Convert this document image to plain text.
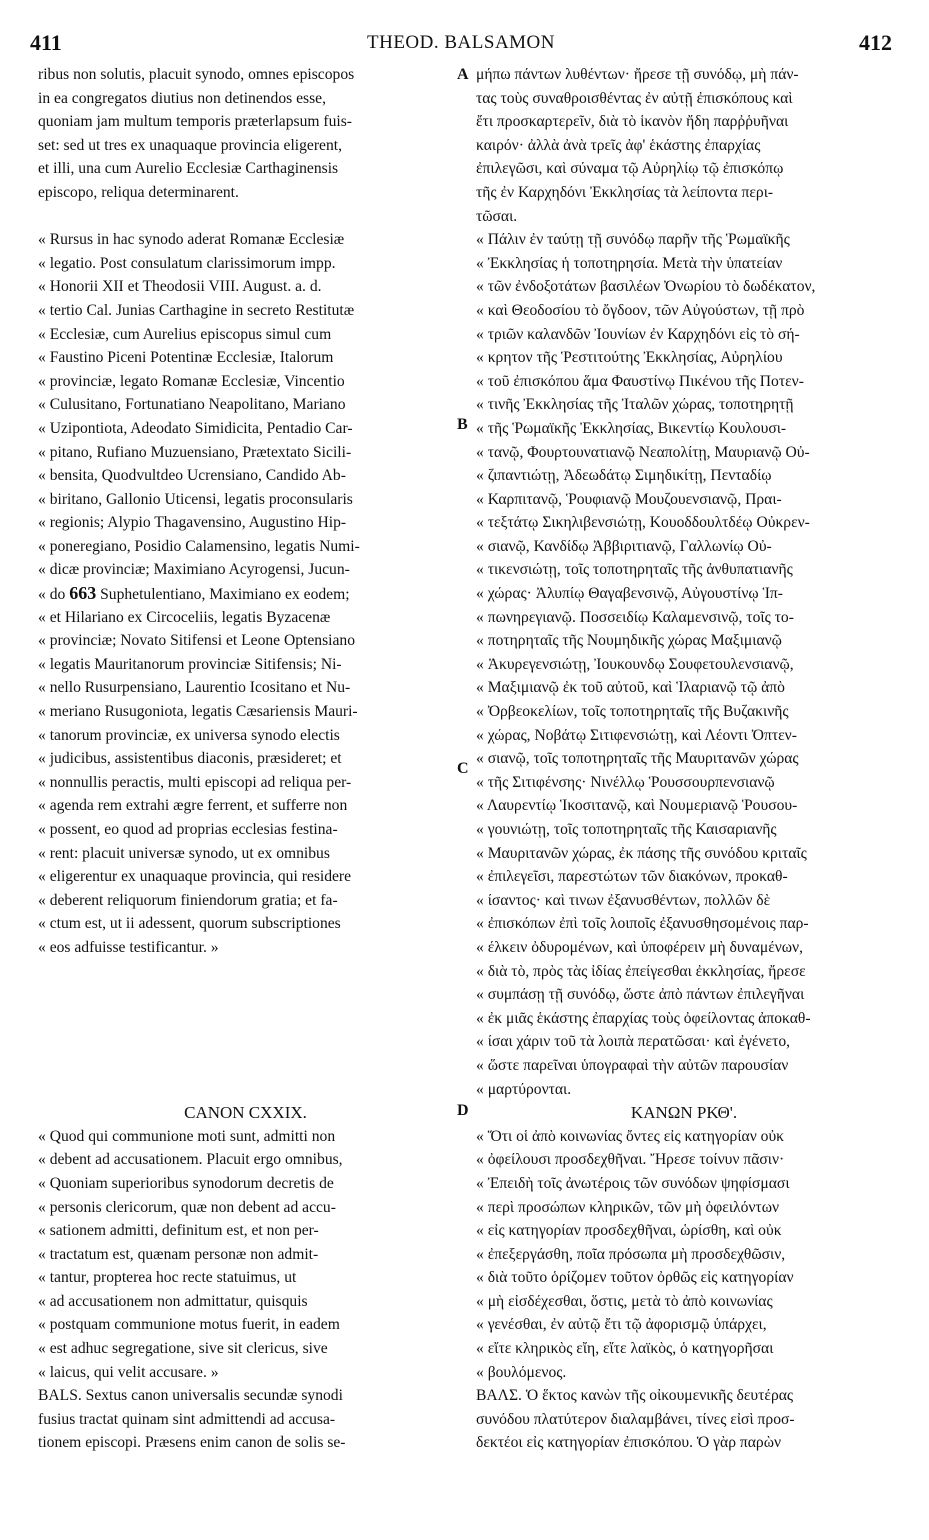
411	THEOD. BALSAMON	412
A
B
C
D
ribus non solutis, placuit synodo, omnes episcopos
in ea congregatos diutius non detinendos esse,
quoniam jam multum temporis præterlapsum fuis-
set: sed ut tres ex unaquaque provincia eligerent,
et illi, una cum Aurelio Ecclesiæ Carthaginensis
episcopo, reliqua determinarent.
« Rursus in hac synodo aderat Romanæ Ecclesiæ
« legatio. Post consulatum clarissimorum impp.
« Honorii XII et Theodosii VIII. August. a. d.
« tertio Cal. Junias Carthagine in secreto Restitutæ
« Ecclesiæ, cum Aurelius episcopus simul cum
« Faustino Piceni Potentinæ Ecclesiæ, Italorum
« provinciæ, legato Romanæ Ecclesiæ, Vincentio
« Culusitano, Fortunatiano Neapolitano, Mariano
« Uzipontiota, Adeodato Simidicita, Pentadio Car-
« pitano, Rufiano Muzuensiano, Prætextato Sicili-
« bensita, Quodvultdeo Ucrensiano, Candido Ab-
« biritano, Gallonio Uticensi, legatis proconsularis
« regionis; Alypio Thagavensino, Augustino Hip-
« poneregiano, Posidio Calamensino, legatis Numi-
« dicæ provinciæ; Maximiano Acyrogensi, Jucun-
« do 663 Suphetulentiano, Maximiano ex eodem;
« et Hilariano ex Circoceliis, legatis Byzacenæ
« provinciæ; Novato Sitifensi et Leone Optensiano
« legatis Mauritanorum provinciæ Sitifensis; Ni-
« nello Rusurpensiano, Laurentio Icositano et Nu-
« meriano Rusugoniota, legatis Cæsariensis Mauri-
« tanorum provinciæ, ex universa synodo electis
« judicibus, assistentibus diaconis, præsideret; et
« nonnullis peractis, multi episcopi ad reliqua per-
« agenda rem extrahi ægre ferrent, et sufferre non
« possent, eo quod ad proprias ecclesias festina-
« rent: placuit universæ synodo, ut ex omnibus
« eligerentur ex unaquaque provincia, qui residere
« deberent reliquorum finiendorum gratia; et fa-
« ctum est, ut ii adessent, quorum subscriptiones
« eos adfuisse testificantur. »
CANON CXXIX.
« Quod qui communione moti sunt, admitti non
« debent ad accusationem. Placuit ergo omnibus,
« Quoniam superioribus synodorum decretis de
« personis clericorum, quæ non debent ad accu-
« sationem admitti, definitum est, et non per-
« tractatum est, quænam personæ non admit-
« tantur, propterea hoc recte statuimus, ut
« ad accusationem non admittatur, quisquis
« postquam communione motus fuerit, in eadem
« est adhuc segregatione, sive sit clericus, sive
« laicus, qui velit accusare. »
BALS. Sextus canon universalis secundæ synodi
fusius tractat quinam sint admittendi ad accusa-
tionem episcopi. Præsens enim canon de solis se-
μήπω πάντων λυθέντων· ἤρεσε τῇ συνόδῳ, μὴ πάν-
τας τοὺς συναθροισθέντας ἐν αὐτῇ ἐπισκόπους καὶ
ἔτι προσκαρτερεῖν, διὰ τὸ ἱκανὸν ἤδη παρῤῥυῆναι
καιρόν· ἀλλὰ ἀνὰ τρεῖς ἀφ' ἑκάστης ἐπαρχίας
ἐπιλεγῶσι, καὶ σύναμα τῷ Αὐρηλίῳ τῷ ἐπισκόπῳ
τῆς ἐν Καρχηδόνι Ἐκκλησίας τὰ λείποντα περι-
τῶσαι.
« Πάλιν ἐν ταύτῃ τῇ συνόδῳ παρῆν τῆς Ῥωμαϊκῆς
« Ἐκκλησίας ἡ τοποτηρησία. Μετὰ τὴν ὑπατείαν
« τῶν ἐνδοξοτάτων βασιλέων Ὀνωρίου τὸ δωδέκατον,
« καὶ Θεοδοσίου τὸ ὄγδοον, τῶν Αὐγούστων, τῇ πρὸ
« τριῶν καλανδῶν Ἰουνίων ἐν Καρχηδόνι εἰς τὸ σή-
« κρητον τῆς Ῥεστιτούτης Ἐκκλησίας, Αὐρηλίου
« τοῦ ἐπισκόπου ἅμα Φαυστίνῳ Πικένου τῆς Ποτεν-
« τινῆς Ἐκκλησίας τῆς Ἰταλῶν χώρας, τοποτηρητῇ
« τῆς Ῥωμαϊκῆς Ἐκκλησίας, Βικεντίῳ Κουλουσι-
« τανῷ, Φουρτουνατιανῷ Νεαπολίτῃ, Μαυριανῷ Οὐ-
« ζιπαντιώτῃ, Ἀδεωδάτῳ Σιμηδικίτῃ, Πενταδίῳ
« Καρπιτανῷ, Ῥουφιανῷ Μουζουενσιανῷ, Πραι-
« τεξτάτῳ Σικηλιβενσιώτῃ, Κουοδδουλτδέῳ Οὐκρεν-
« σιανῷ, Κανδίδῳ Ἀββιριτιανῷ, Γαλλωνίῳ Οὐ-
« τικενσιώτῃ, τοῖς τοποτηρηταῖς τῆς ἀνθυπατιανῆς
« χώρας· Ἀλυπίῳ Θαγαβενσινῷ, Αὐγουστίνῳ Ἱπ-
« πωνηρεγιανῷ. Ποσσειδίῳ Καλαμενσινῷ, τοῖς το-
« ποτηρηταῖς τῆς Νουμηδικῆς χώρας Μαξιμιανῷ
« Ἀκυρεγενσιώτῃ, Ἰουκουνδῳ Σουφετουλενσιανῷ,
« Μαξιμιανῷ ἐκ τοῦ αὐτοῦ, καὶ Ἱλαριανῷ τῷ ἀπὸ
« Ὀρβεοκελίων, τοῖς τοποτηρηταῖς τῆς Βυζακινῆς
« χώρας, Νοβάτῳ Σιτιφενσιώτῃ, καὶ Λέοντι Ὀπτεν-
« σιανῷ, τοῖς τοποτηρηταῖς τῆς Μαυριτανῶν χώρας
« τῆς Σιτιφένσης· Νινέλλῳ Ῥουσσουρπενσιανῷ
« Λαυρεντίῳ Ἱκοσιτανῷ, καὶ Νουμεριανῷ Ῥουσου-
« γουνιώτῃ, τοῖς τοποτηρηταῖς τῆς Καισαριανῆς
« Μαυριτανῶν χώρας, ἐκ πάσης τῆς συνόδου κριταῖς
« ἐπιλεγεῖσι, παρεστώτων τῶν διακόνων, προκαθ-
« ίσαντος· καὶ τινων ἐξανυσθέντων, πολλῶν δὲ
« ἐπισκόπων ἐπὶ τοῖς λοιποῖς ἐξανυσθησομένοις παρ-
« έλκειν ὀδυρομένων, καὶ ὑποφέρειν μὴ δυναμένων,
« διὰ τὸ, πρὸς τὰς ἰδίας ἐπείγεσθαι ἐκκλησίας, ἤρεσε
« συμπάσῃ τῇ συνόδῳ, ὥστε ἀπὸ πάντων ἐπιλεγῆναι
« ἐκ μιᾶς ἑκάστης ἐπαρχίας τοὺς ὀφείλοντας ἀποκαθ-
« ίσαι χάριν τοῦ τὰ λοιπὰ περατῶσαι· καὶ ἐγένετο,
« ὥστε παρεῖναι ὑπογραφαὶ τὴν αὐτῶν παρουσίαν
« μαρτύρονται.
ΚΑΝΩΝ ΡΚΘ'.
« Ὅτι οἱ ἀπὸ κοινωνίας ὄντες εἰς κατηγορίαν οὐκ
« ὀφείλουσι προσδεχθῆναι. Ἤρεσε τοίνυν πᾶσιν·
« Ἐπειδὴ τοῖς ἀνωτέροις τῶν συνόδων ψηφίσμασι
« περὶ προσώπων κληρικῶν, τῶν μὴ ὀφειλόντων
« εἰς κατηγορίαν προσδεχθῆναι, ὡρίσθη, καὶ οὐκ
« ἐπεξεργάσθη, ποῖα πρόσωπα μὴ προσδεχθῶσιν,
« διὰ τοῦτο ὁρίζομεν τοῦτον ὀρθῶς εἰς κατηγορίαν
« μὴ εἰσδέχεσθαι, ὅστις, μετὰ τὸ ἀπὸ κοινωνίας
« γενέσθαι, ἐν αὐτῷ ἔτι τῷ ἀφορισμῷ ὑπάρχει,
« εἴτε κληρικὸς εἴη, εἴτε λαϊκὸς, ὁ κατηγορῆσαι
« βουλόμενος.
ΒΑΛΣ. Ὁ ἕκτος κανὼν τῆς οἰκουμενικῆς δευτέρας
συνόδου πλατύτερον διαλαμβάνει, τίνες εἰσὶ προσ-
δεκτέοι εἰς κατηγορίαν ἐπισκόπου. Ὁ γὰρ παρὼν
